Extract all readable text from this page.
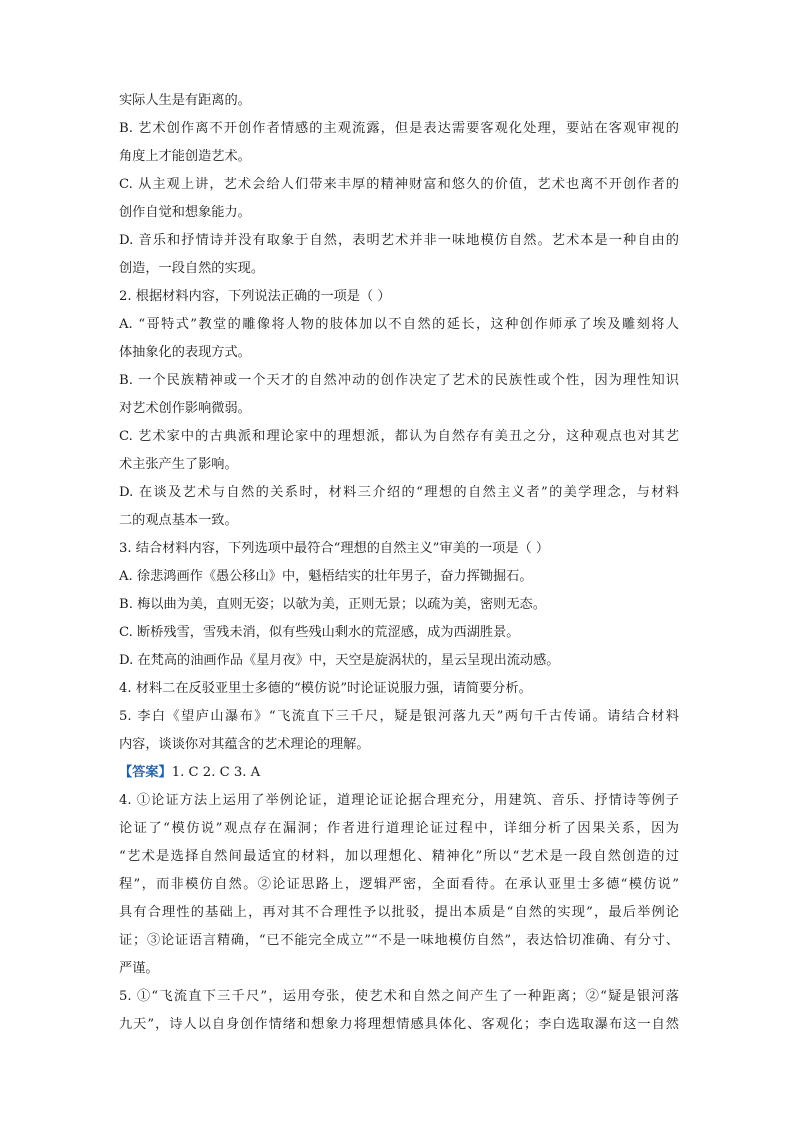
实际人生是有距离的。
B. 艺术创作离不开创作者情感的主观流露，但是表达需要客观化处理，要站在客观审视的
角度上才能创造艺术。
C. 从主观上讲，艺术会给人们带来丰厚的精神财富和悠久的价值，艺术也离不开创作者的
创作自觉和想象能力。
D. 音乐和抒情诗并没有取象于自然，表明艺术并非一味地模仿自然。艺术本是一种自由的
创造，一段自然的实现。
2. 根据材料内容，下列说法正确的一项是（ ）
A. “哥特式”教堂的雕像将人物的肢体加以不自然的延长，这种创作师承了埃及雕刻将人
体抽象化的表现方式。
B. 一个民族精神或一个天才的自然冲动的创作决定了艺术的民族性或个性，因为理性知识
对艺术创作影响微弱。
C. 艺术家中的古典派和理论家中的理想派，都认为自然存有美丑之分，这种观点也对其艺
术主张产生了影响。
D. 在谈及艺术与自然的关系时，材料三介绍的“理想的自然主义者”的美学理念，与材料
二的观点基本一致。
3. 结合材料内容，下列选项中最符合“理想的自然主义”审美的一项是（ ）
A. 徐悲鸿画作《愚公移山》中，魁梧结实的壮年男子，奋力挥锄掘石。
B. 梅以曲为美，直则无姿；以欹为美，正则无景；以疏为美，密则无态。
C. 断桥残雪，雪残未消，似有些残山剩水的荒涩感，成为西湖胜景。
D. 在梵高的油画作品《星月夜》中，天空是旋涡状的，星云呈现出流动感。
4. 材料二在反驳亚里士多德的“模仿说”时论证说服力强，请简要分析。
5. 李白《望庐山瀑布》“飞流直下三千尺，疑是银河落九天”两句千古传诵。请结合材料
内容，谈谈你对其蕴含的艺术理论的理解。
【答案】1. C 2. C 3. A
4. ①论证方法上运用了举例论证，道理论证论据合理充分，用建筑、音乐、抒情诗等例子
论证了“模仿说”观点存在漏洞；作者进行道理论证过程中，详细分析了因果关系，因为
“艺术是选择自然间最适宜的材料，加以理想化、精神化”所以“艺术是一段自然创造的过
程”，而非模仿自然。②论证思路上，逻辑严密，全面看待。在承认亚里士多德“模仿说”
具有合理性的基础上，再对其不合理性予以批驳，提出本质是“自然的实现”，最后举例论
证；③论证语言精确，“已不能完全成立”“不是一味地模仿自然”，表达恰切准确、有分寸、
严谨。
5. ①“飞流直下三千尺”，运用夸张，使艺术和自然之间产生了一种距离；②“疑是银河落
九天”，诗人以自身创作情绪和想象力将理想情感具体化、客观化；李白选取瀑布这一自然
